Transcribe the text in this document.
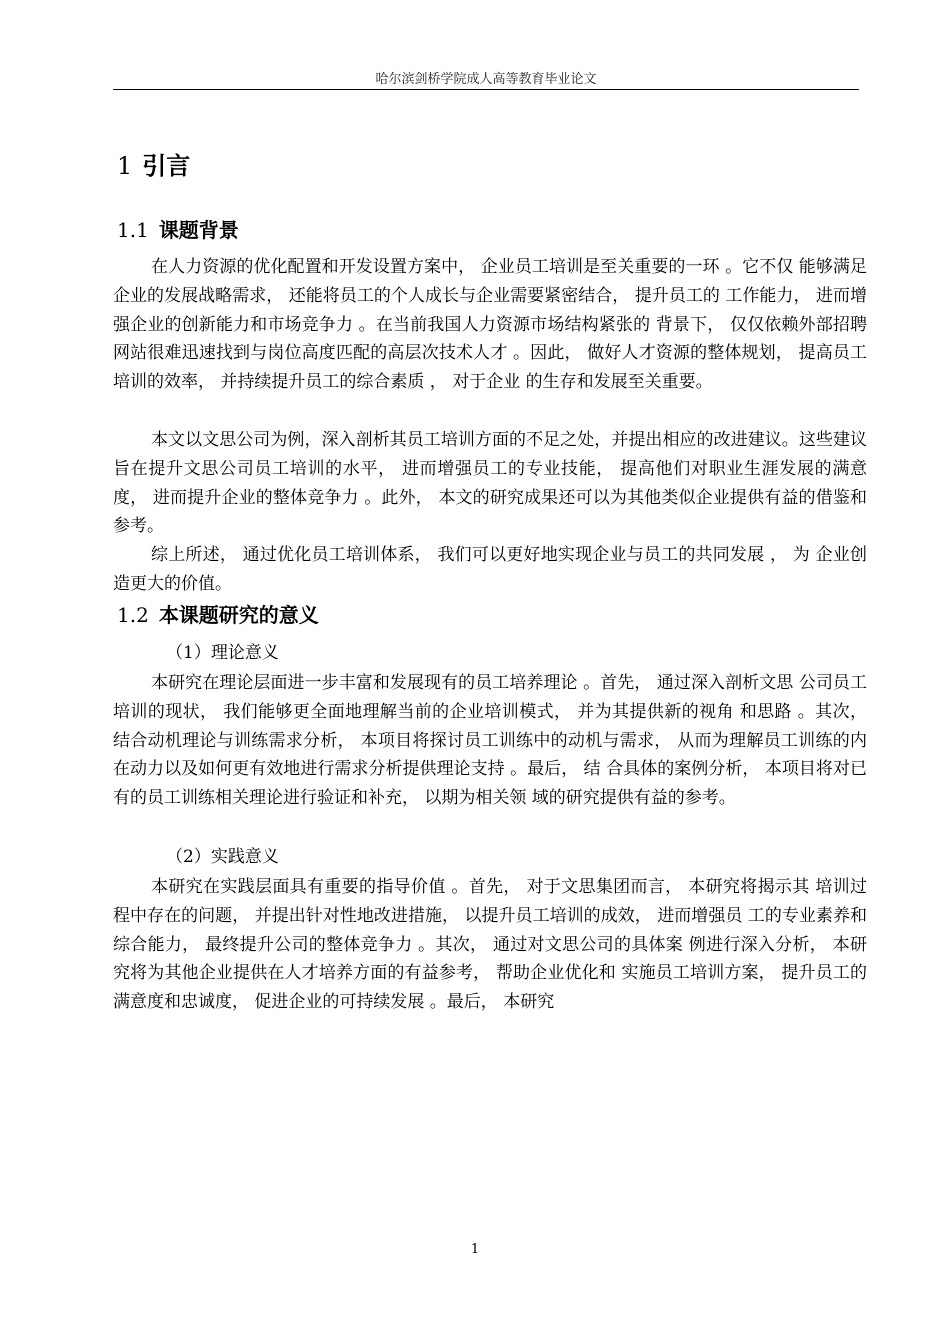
哈尔滨剑桥学院成人高等教育毕业论文
1 引言
1.1 课题背景

在人力资源的优化配置和开发设置方案中， 企业员工培训是至关重要的一环 。它不仅 能够满足企业的发展战略需求， 还能将员工的个人成长与企业需要紧密结合， 提升员工的 工作能力， 进而增强企业的创新能力和市场竞争力 。在当前我国人力资源市场结构紧张的 背景下， 仅仅依赖外部招聘网站很难迅速找到与岗位高度匹配的高层次技术人才 。因此， 做好人才资源的整体规划， 提高员工培训的效率， 并持续提升员工的综合素质 ， 对于企业 的生存和发展至关重要。

本文以文思公司为例，深入剖析其员工培训方面的不足之处，并提出相应的改进建议。这些建议旨在提升文思公司员工培训的水平， 进而增强员工的专业技能， 提高他们对职业生涯发展的满意度， 进而提升企业的整体竞争力 。此外， 本文的研究成果还可以为其他类似企业提供有益的借鉴和参考。

综上所述， 通过优化员工培训体系， 我们可以更好地实现企业与员工的共同发展 ， 为 企业创造更大的价值。

1.2 本课题研究的意义
（1）理论意义

本研究在理论层面进一步丰富和发展现有的员工培养理论 。首先， 通过深入剖析文思 公司员工培训的现状， 我们能够更全面地理解当前的企业培训模式， 并为其提供新的视角 和思路 。其次， 结合动机理论与训练需求分析， 本项目将探讨员工训练中的动机与需求， 从而为理解员工训练的内在动力以及如何更有效地进行需求分析提供理论支持 。最后， 结 合具体的案例分析， 本项目将对已有的员工训练相关理论进行验证和补充， 以期为相关领 域的研究提供有益的参考。

（2）实践意义

本研究在实践层面具有重要的指导价值 。首先， 对于文思集团而言， 本研究将揭示其 培训过程中存在的问题， 并提出针对性地改进措施， 以提升员工培训的成效， 进而增强员 工的专业素养和综合能力， 最终提升公司的整体竞争力 。其次， 通过对文思公司的具体案 例进行深入分析， 本研究将为其他企业提供在人才培养方面的有益参考， 帮助企业优化和 实施员工培训方案， 提升员工的满意度和忠诚度， 促进企业的可持续发展 。最后， 本研究

1
